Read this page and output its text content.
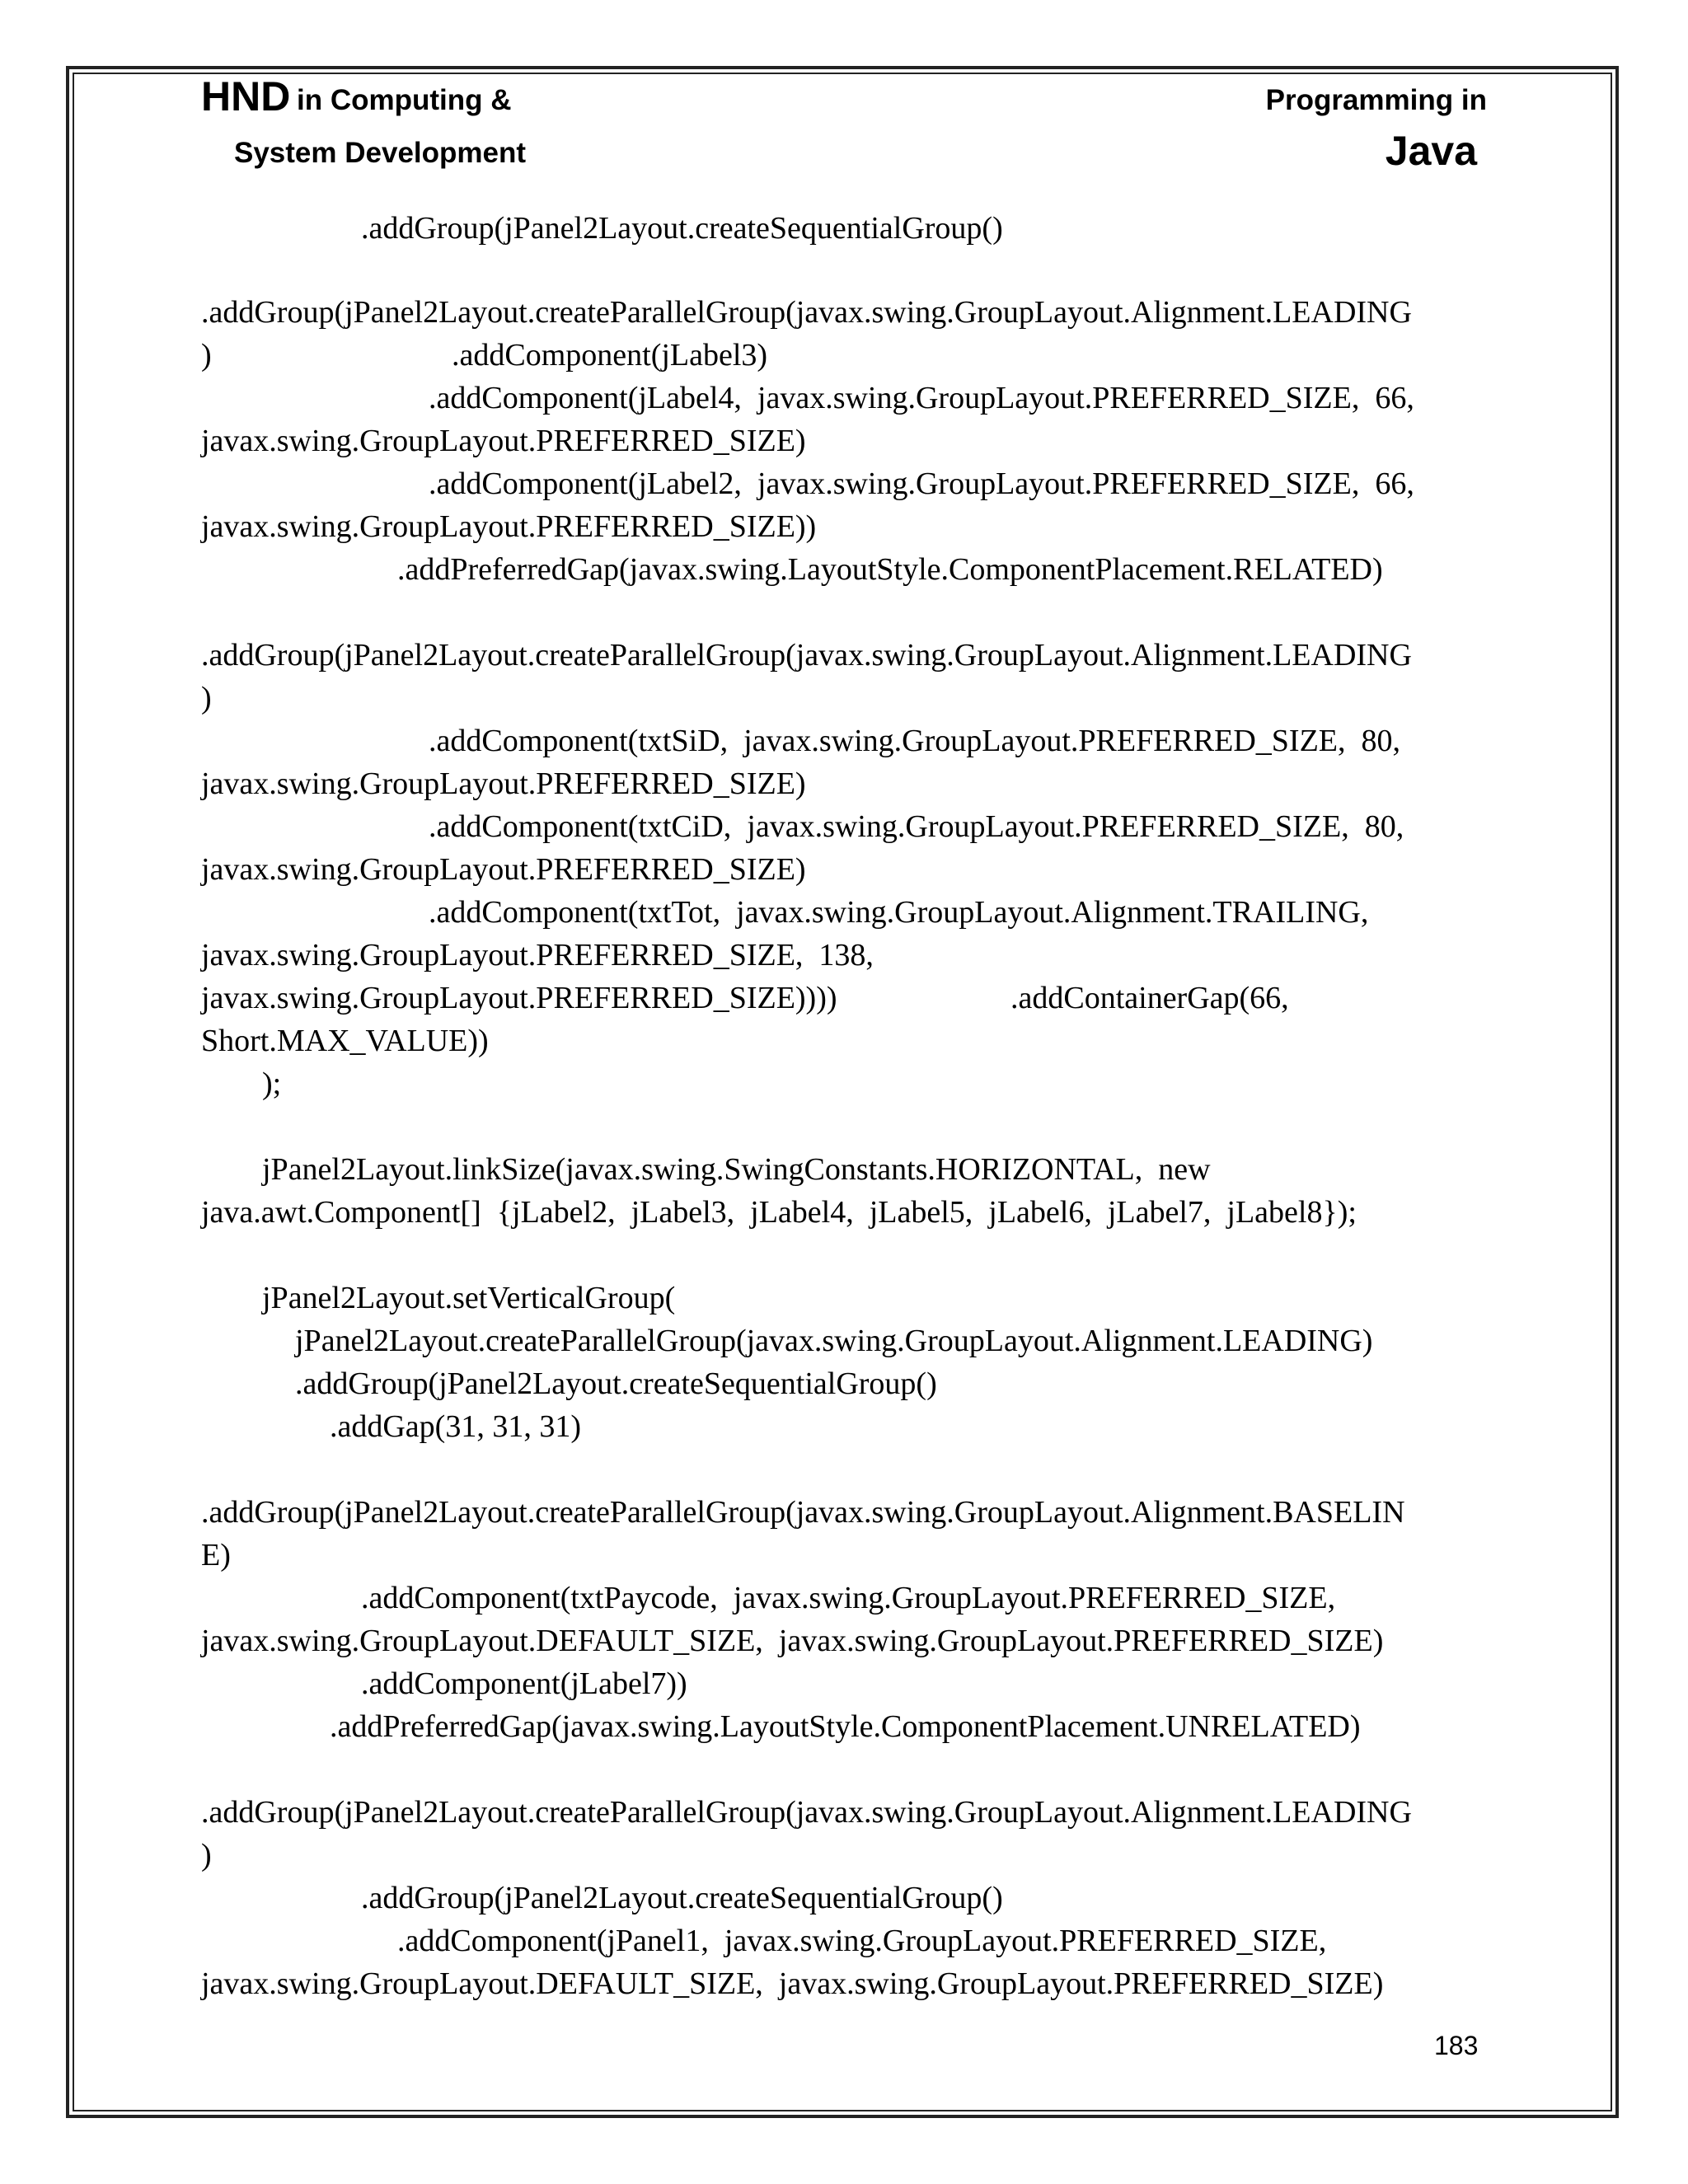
HND in Computing &
System Development
Programming in
Java
.addGroup(jPanel2Layout.createSequentialGroup()
.addGroup(jPanel2Layout.createParallelGroup(javax.swing.GroupLayout.Alignment.LEADING
)	.addComponent(jLabel3)
.addComponent(jLabel4,  javax.swing.GroupLayout.PREFERRED_SIZE,  66,
javax.swing.GroupLayout.PREFERRED_SIZE)
.addComponent(jLabel2,  javax.swing.GroupLayout.PREFERRED_SIZE,  66,
javax.swing.GroupLayout.PREFERRED_SIZE))
.addPreferredGap(javax.swing.LayoutStyle.ComponentPlacement.RELATED)
.addGroup(jPanel2Layout.createParallelGroup(javax.swing.GroupLayout.Alignment.LEADING
)
.addComponent(txtSiD,  javax.swing.GroupLayout.PREFERRED_SIZE,  80,
javax.swing.GroupLayout.PREFERRED_SIZE)
.addComponent(txtCiD,  javax.swing.GroupLayout.PREFERRED_SIZE,  80,
javax.swing.GroupLayout.PREFERRED_SIZE)
.addComponent(txtTot,  javax.swing.GroupLayout.Alignment.TRAILING,
javax.swing.GroupLayout.PREFERRED_SIZE,  138,
javax.swing.GroupLayout.PREFERRED_SIZE))))	.addContainerGap(66,
Short.MAX_VALUE))
);
jPanel2Layout.linkSize(javax.swing.SwingConstants.HORIZONTAL,  new
java.awt.Component[]  {jLabel2,  jLabel3,  jLabel4,  jLabel5,  jLabel6,  jLabel7,  jLabel8});
jPanel2Layout.setVerticalGroup(
jPanel2Layout.createParallelGroup(javax.swing.GroupLayout.Alignment.LEADING)
.addGroup(jPanel2Layout.createSequentialGroup()
.addGap(31, 31, 31)
.addGroup(jPanel2Layout.createParallelGroup(javax.swing.GroupLayout.Alignment.BASELIN
E)
.addComponent(txtPaycode,  javax.swing.GroupLayout.PREFERRED_SIZE,
javax.swing.GroupLayout.DEFAULT_SIZE,  javax.swing.GroupLayout.PREFERRED_SIZE)
.addComponent(jLabel7))
.addPreferredGap(javax.swing.LayoutStyle.ComponentPlacement.UNRELATED)
.addGroup(jPanel2Layout.createParallelGroup(javax.swing.GroupLayout.Alignment.LEADING
)
.addGroup(jPanel2Layout.createSequentialGroup()
.addComponent(jPanel1,  javax.swing.GroupLayout.PREFERRED_SIZE,
javax.swing.GroupLayout.DEFAULT_SIZE,  javax.swing.GroupLayout.PREFERRED_SIZE)
183
